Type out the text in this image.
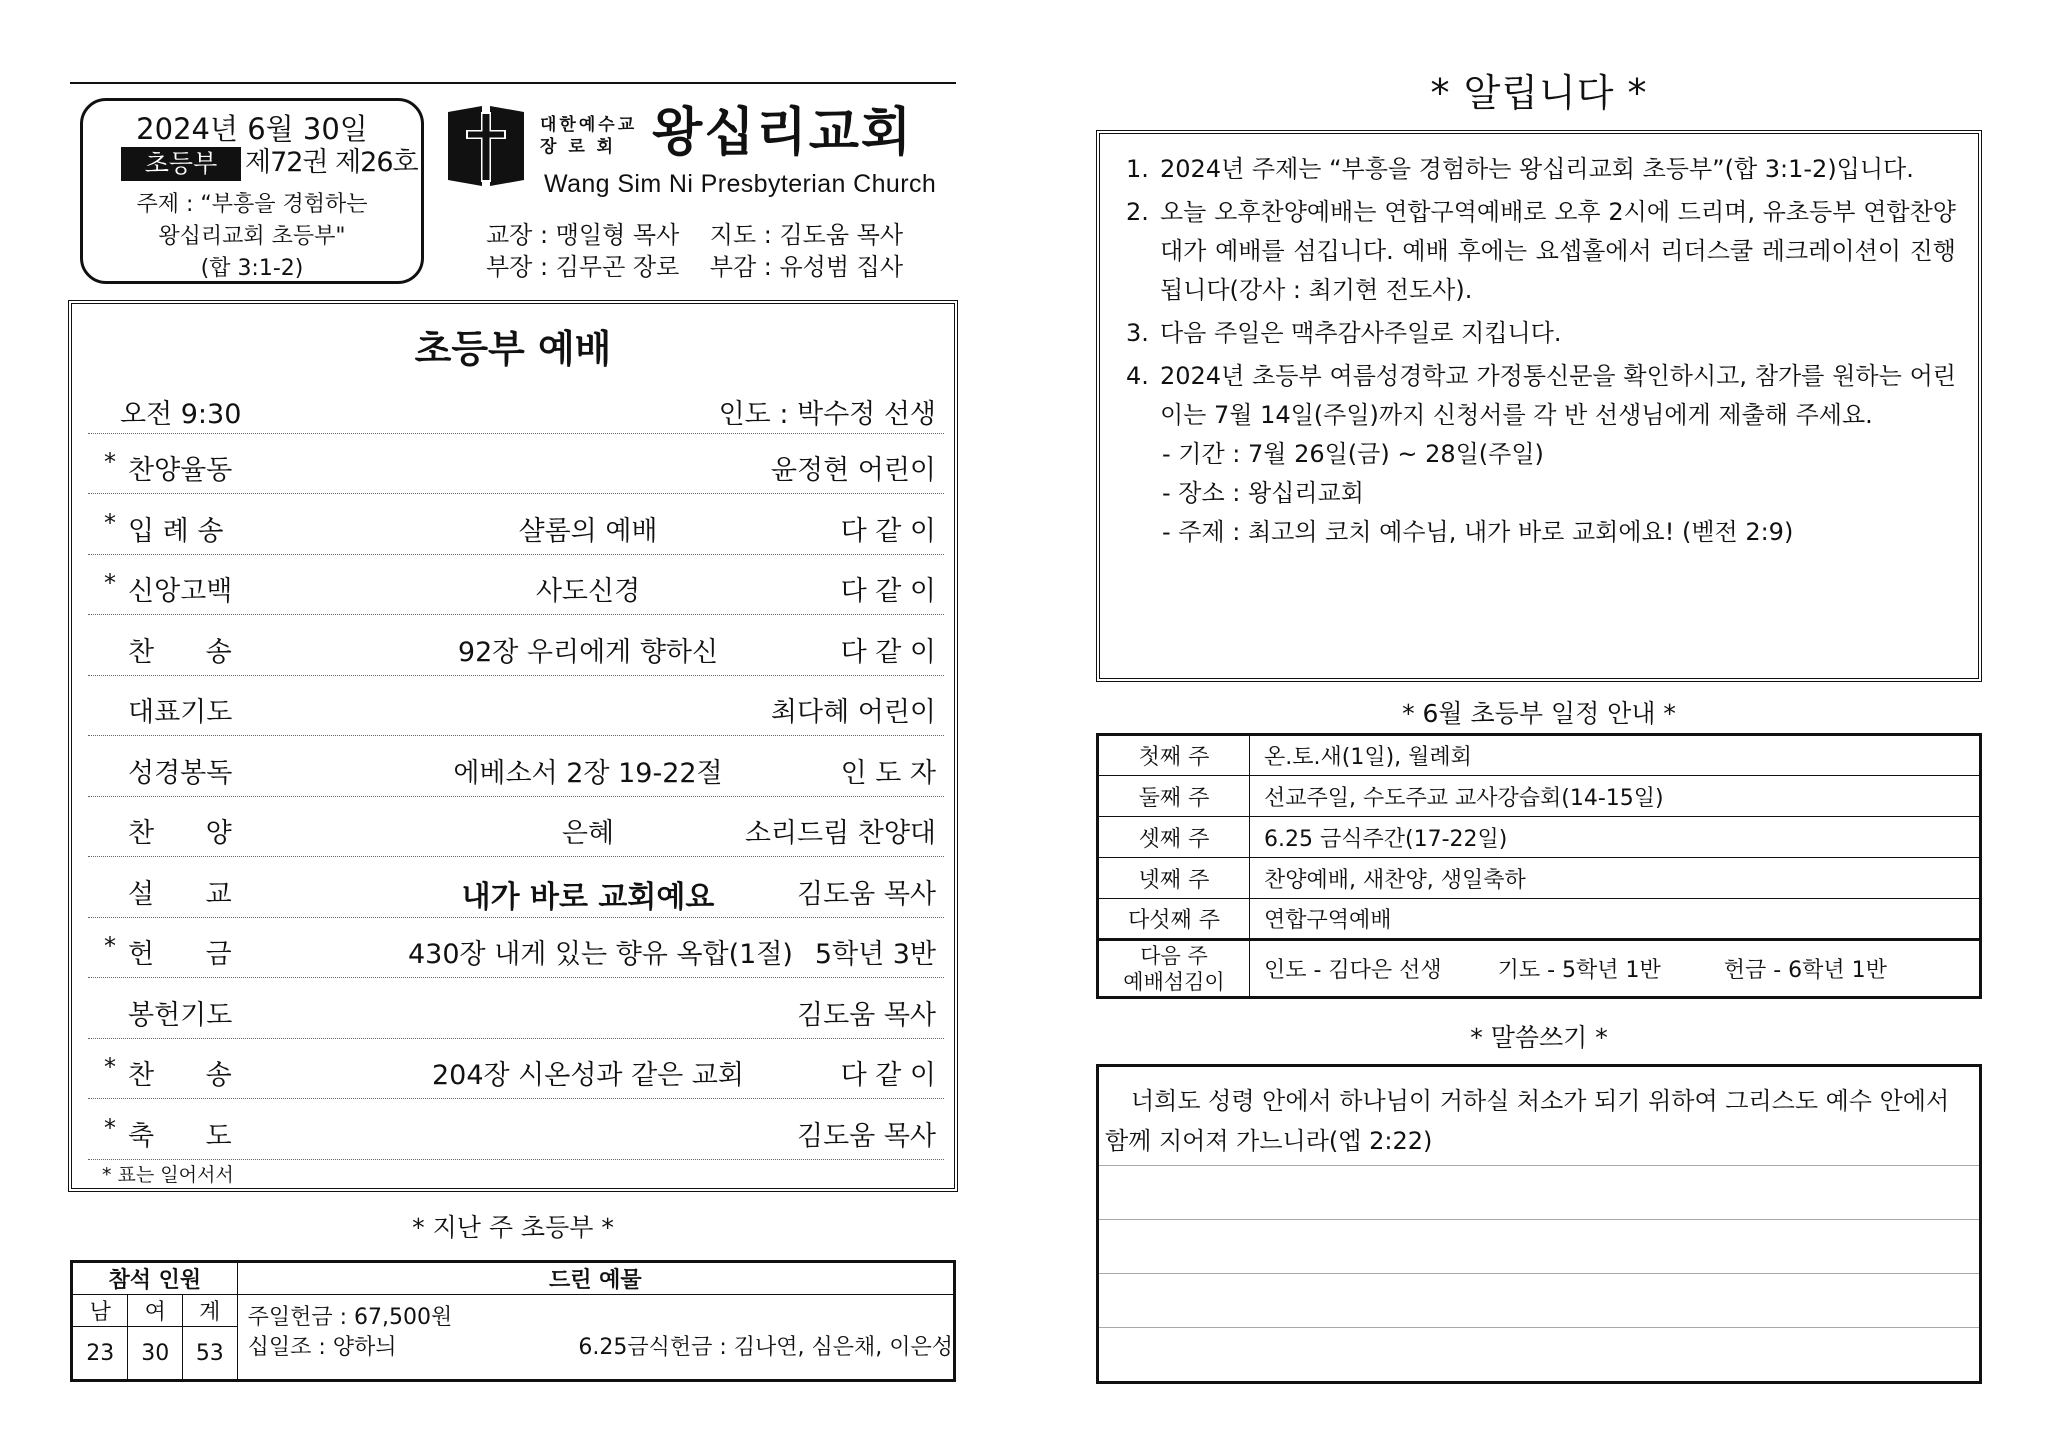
2024년 6월 30일
초등부	제72권 제26호
주제 : “부흥을 경험하는
왕십리교회 초등부"
(합 3:1-2)
대한예수교
장 로 회 왕십리교회
Wang Sim Ni Presbyterian Church
교장 : 맹일형 목사    지도 : 김도움 목사
부장 : 김무곤 장로    부감 : 유성범 집사
초등부 예배
오전 9:30	인도 : 박수정 선생
* 찬양율동	윤정현 어린이
* 입 례 송	샬롬의 예배	다 같 이
* 신앙고백	사도신경	다 같 이
찬      송	92장 우리에게 향하신	다 같 이
대표기도	최다혜 어린이
성경봉독	에베소서 2장 19-22절	인 도 자
찬      양	은혜	소리드림 찬양대
설      교	내가 바로 교회예요	김도움 목사
* 헌      금	430장 내게 있는 향유 옥합(1절) 5학년 3반
봉헌기도	김도움 목사
* 찬      송	204장 시온성과 같은 교회	다 같 이
* 축      도	김도움 목사
* 표는 일어서서
* 지난 주 초등부 *
참석 인원			드린 예물
남	여	계	주일헌금 : 67,500원
십일조 : 양하늬                          6.25금식헌금 : 김나연, 심은채, 이은성

23	30	53	
* 알립니다 *
1. 2024년 주제는 “부흥을 경험하는 왕십리교회 초등부”(합 3:1-2)입니다.
2. 오늘 오후찬양예배는 연합구역예배로 오후 2시에 드리며, 유초등부 연합찬양대가 예배를 섬깁니다. 예배 후에는 요셉홀에서 리더스쿨 레크레이션이 진행됩니다(강사 : 최기현 전도사).
3. 다음 주일은 맥추감사주일로 지킵니다.
4. 2024년 초등부 여름성경학교 가정통신문을 확인하시고, 참가를 원하는 어린이는 7월 14일(주일)까지 신청서를 각 반 선생님에게 제출해 주세요.
- 기간 : 7월 26일(금) ~ 28일(주일)
- 장소 : 왕십리교회
- 주제 : 최고의 코치 예수님, 내가 바로 교회에요! (벧전 2:9)
* 6월 초등부 일정 안내 *
첫째 주	온.토.새(1일), 월례회
둘째 주	선교주일, 수도주교 교사강습회(14-15일)
셋째 주	6.25 금식주간(17-22일)
넷째 주	찬양예배, 새찬양, 생일축하
다섯째 주	연합구역예배

다음 주
예배섬김이	인도 - 김다은 선생        기도 - 5학년 1반         헌금 - 6학년 1반
* 말씀쓰기 *
너희도 성령 안에서 하나님이 거하실 처소가 되기 위하여 그리스도 예수 안에서 함께 지어져 가느니라(엡 2:22)
